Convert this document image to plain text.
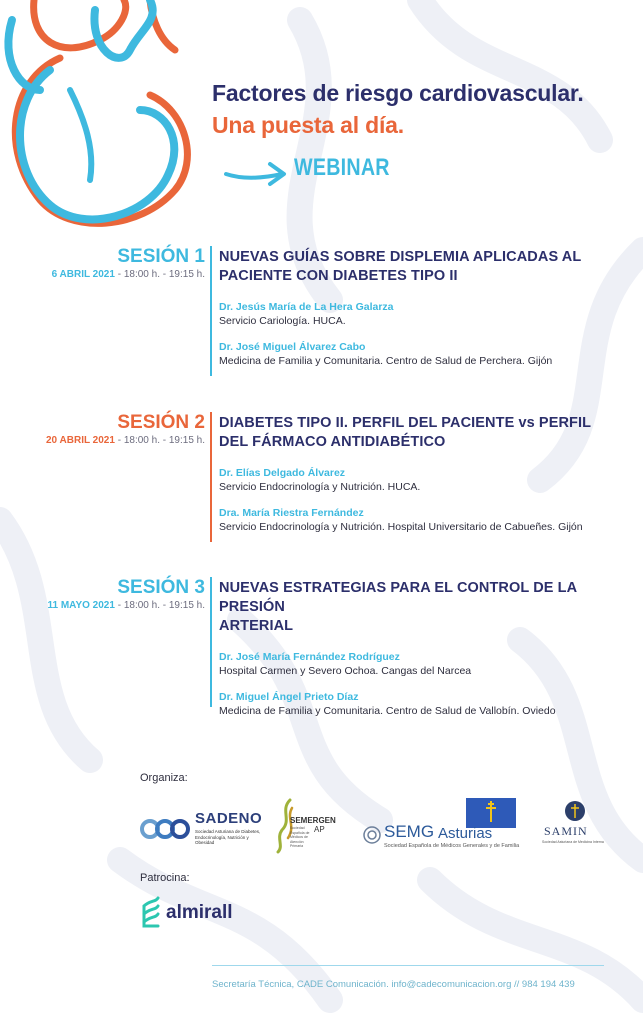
Factores de riesgo cardiovascular.
Una puesta al día.
WEBINAR
SESIÓN 1
6 ABRIL 2021 - 18:00 h. - 19:15 h.
NUEVAS GUÍAS SOBRE DISPLEMIA APLICADAS AL
PACIENTE CON DIABETES TIPO II
Dr. Jesús María de La Hera Galarza
Servicio Cariología. HUCA.
Dr. José Miguel Álvarez Cabo
Medicina de Familia y Comunitaria. Centro de Salud de Perchera. Gijón
SESIÓN 2
20 ABRIL 2021 - 18:00 h. - 19:15 h.
DIABETES TIPO II. PERFIL DEL PACIENTE vs PERFIL
DEL FÁRMACO ANTIDIABÉTICO
Dr. Elías Delgado Álvarez
Servicio Endocrinología y Nutrición. HUCA.
Dra. María Riestra Fernández
Servicio Endocrinología y Nutrición. Hospital Universitario de Cabueñes. Gijón
SESIÓN 3
11 MAYO 2021 - 18:00 h. - 19:15 h.
NUEVAS ESTRATEGIAS PARA EL CONTROL DE LA PRESIÓN
ARTERIAL
Dr. José María Fernández Rodríguez
Hospital Carmen y Severo Ochoa. Cangas del Narcea
Dr. Miguel Ángel Prieto Díaz
Medicina de Familia y Comunitaria. Centro de Salud de Vallobín. Oviedo
Organiza:
SADENO
Sociedad Asturiana de Diabetes, Endocrinología, Nutrición y Obesidad
SEMERGEN
AP
Sociedad Española de Médicos de Atención Primaria
SEMG Asturias
Sociedad Española de Médicos Generales y de Familia
SAMIN
Sociedad Asturiana de Medicina Interna
Patrocina:
almirall
Secretaría Técnica, CADE Comunicación. info@cadecomunicacion.org // 984 194 439
